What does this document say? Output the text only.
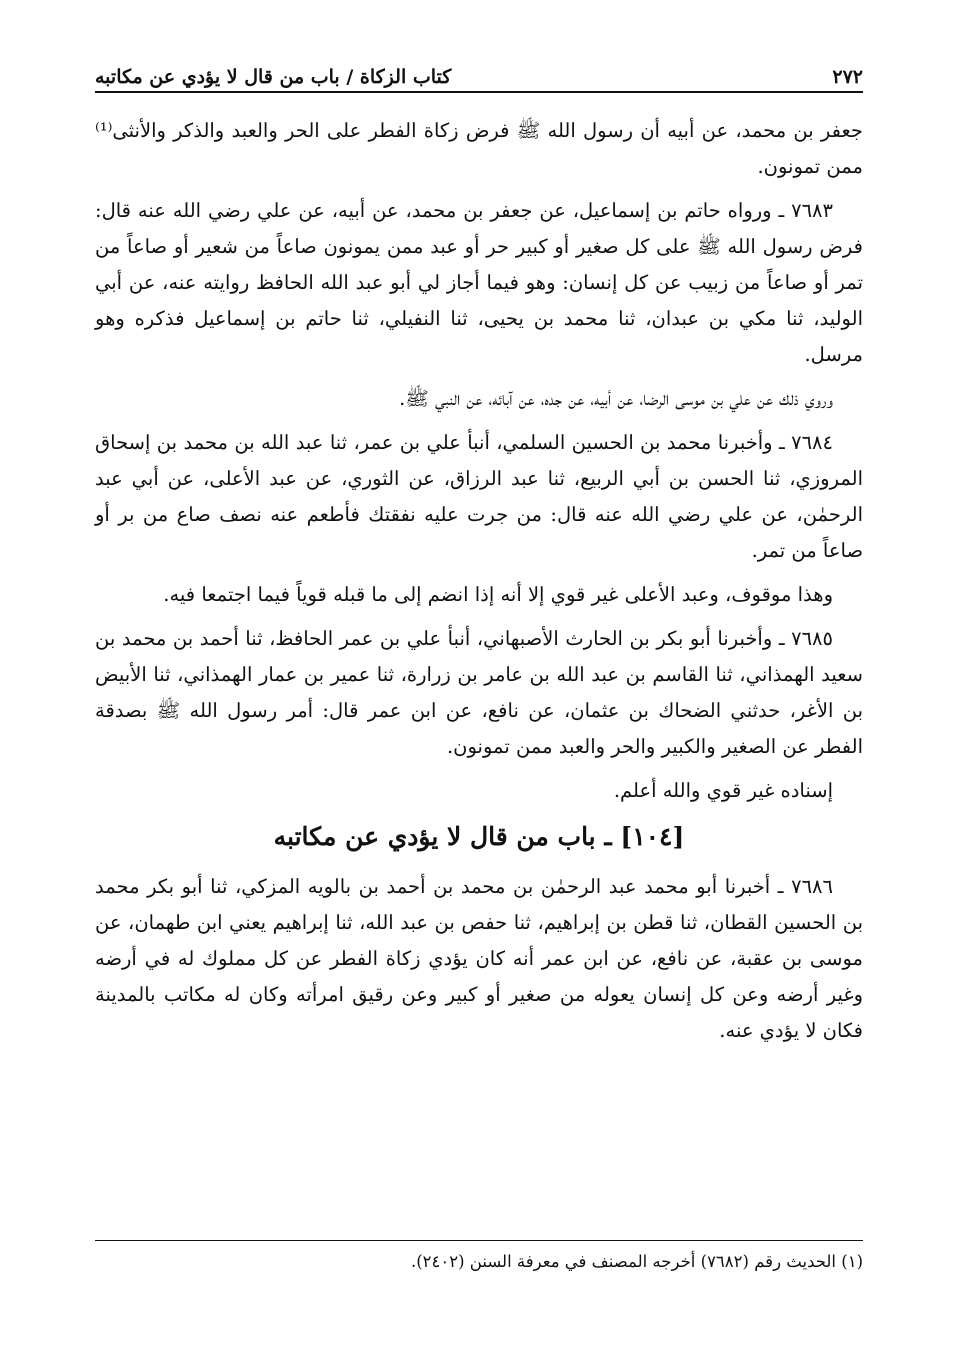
٢٧٢
كتاب الزكاة / باب من قال لا يؤدي عن مكاتبه

جعفر بن محمد، عن أبيه أن رسول الله ﷺ فرض زكاة الفطر على الحر والعبد والذكر والأنثى⁽¹⁾ ممن تمونون.

٧٦٨٣ ـ ورواه حاتم بن إسماعيل، عن جعفر بن محمد، عن أبيه، عن علي رضي الله عنه قال: فرض رسول الله ﷺ على كل صغير أو كبير حر أو عبد ممن يمونون صاعاً من شعير أو صاعاً من تمر أو صاعاً من زبيب عن كل إنسان: وهو فيما أجاز لي أبو عبد الله الحافظ روايته عنه، عن أبي الوليد، ثنا مكي بن عبدان، ثنا محمد بن يحيى، ثنا النفيلي، ثنا حاتم بن إسماعيل فذكره وهو مرسل.

وروي ذلك عن علي بن موسى الرضا، عن أبيه، عن جده، عن آبائه، عن النبي ﷺ.

٧٦٨٤ ـ وأخبرنا محمد بن الحسين السلمي، أنبأ علي بن عمر، ثنا عبد الله بن محمد بن إسحاق المروزي، ثنا الحسن بن أبي الربيع، ثنا عبد الرزاق، عن الثوري، عن عبد الأعلى، عن أبي عبد الرحمٰن، عن علي رضي الله عنه قال: من جرت عليه نفقتك فأطعم عنه نصف صاع من بر أو صاعاً من تمر.

وهذا موقوف، وعبد الأعلى غير قوي إلا أنه إذا انضم إلى ما قبله قوياً فيما اجتمعا فيه.

٧٦٨٥ ـ وأخبرنا أبو بكر بن الحارث الأصبهاني، أنبأ علي بن عمر الحافظ، ثنا أحمد بن محمد بن سعيد الهمذاني، ثنا القاسم بن عبد الله بن عامر بن زرارة، ثنا عمير بن عمار الهمذاني، ثنا الأبيض بن الأغر، حدثني الضحاك بن عثمان، عن نافع، عن ابن عمر قال: أمر رسول الله ﷺ بصدقة الفطر عن الصغير والكبير والحر والعبد ممن تمونون.

إسناده غير قوي والله أعلم.

[١٠٤] ـ باب من قال لا يؤدي عن مكاتبه

٧٦٨٦ ـ أخبرنا أبو محمد عبد الرحمٰن بن محمد بن أحمد بن بالويه المزكي، ثنا أبو بكر محمد بن الحسين القطان، ثنا قطن بن إبراهيم، ثنا حفص بن عبد الله، ثنا إبراهيم يعني ابن طهمان، عن موسى بن عقبة، عن نافع، عن ابن عمر أنه كان يؤدي زكاة الفطر عن كل مملوك له في أرضه وغير أرضه وعن كل إنسان يعوله من صغير أو كبير وعن رقيق امرأته وكان له مكاتب بالمدينة فكان لا يؤدي عنه.

(١) الحديث رقم (٧٦٨٢) أخرجه المصنف في معرفة السنن (٢٤٠٢).
